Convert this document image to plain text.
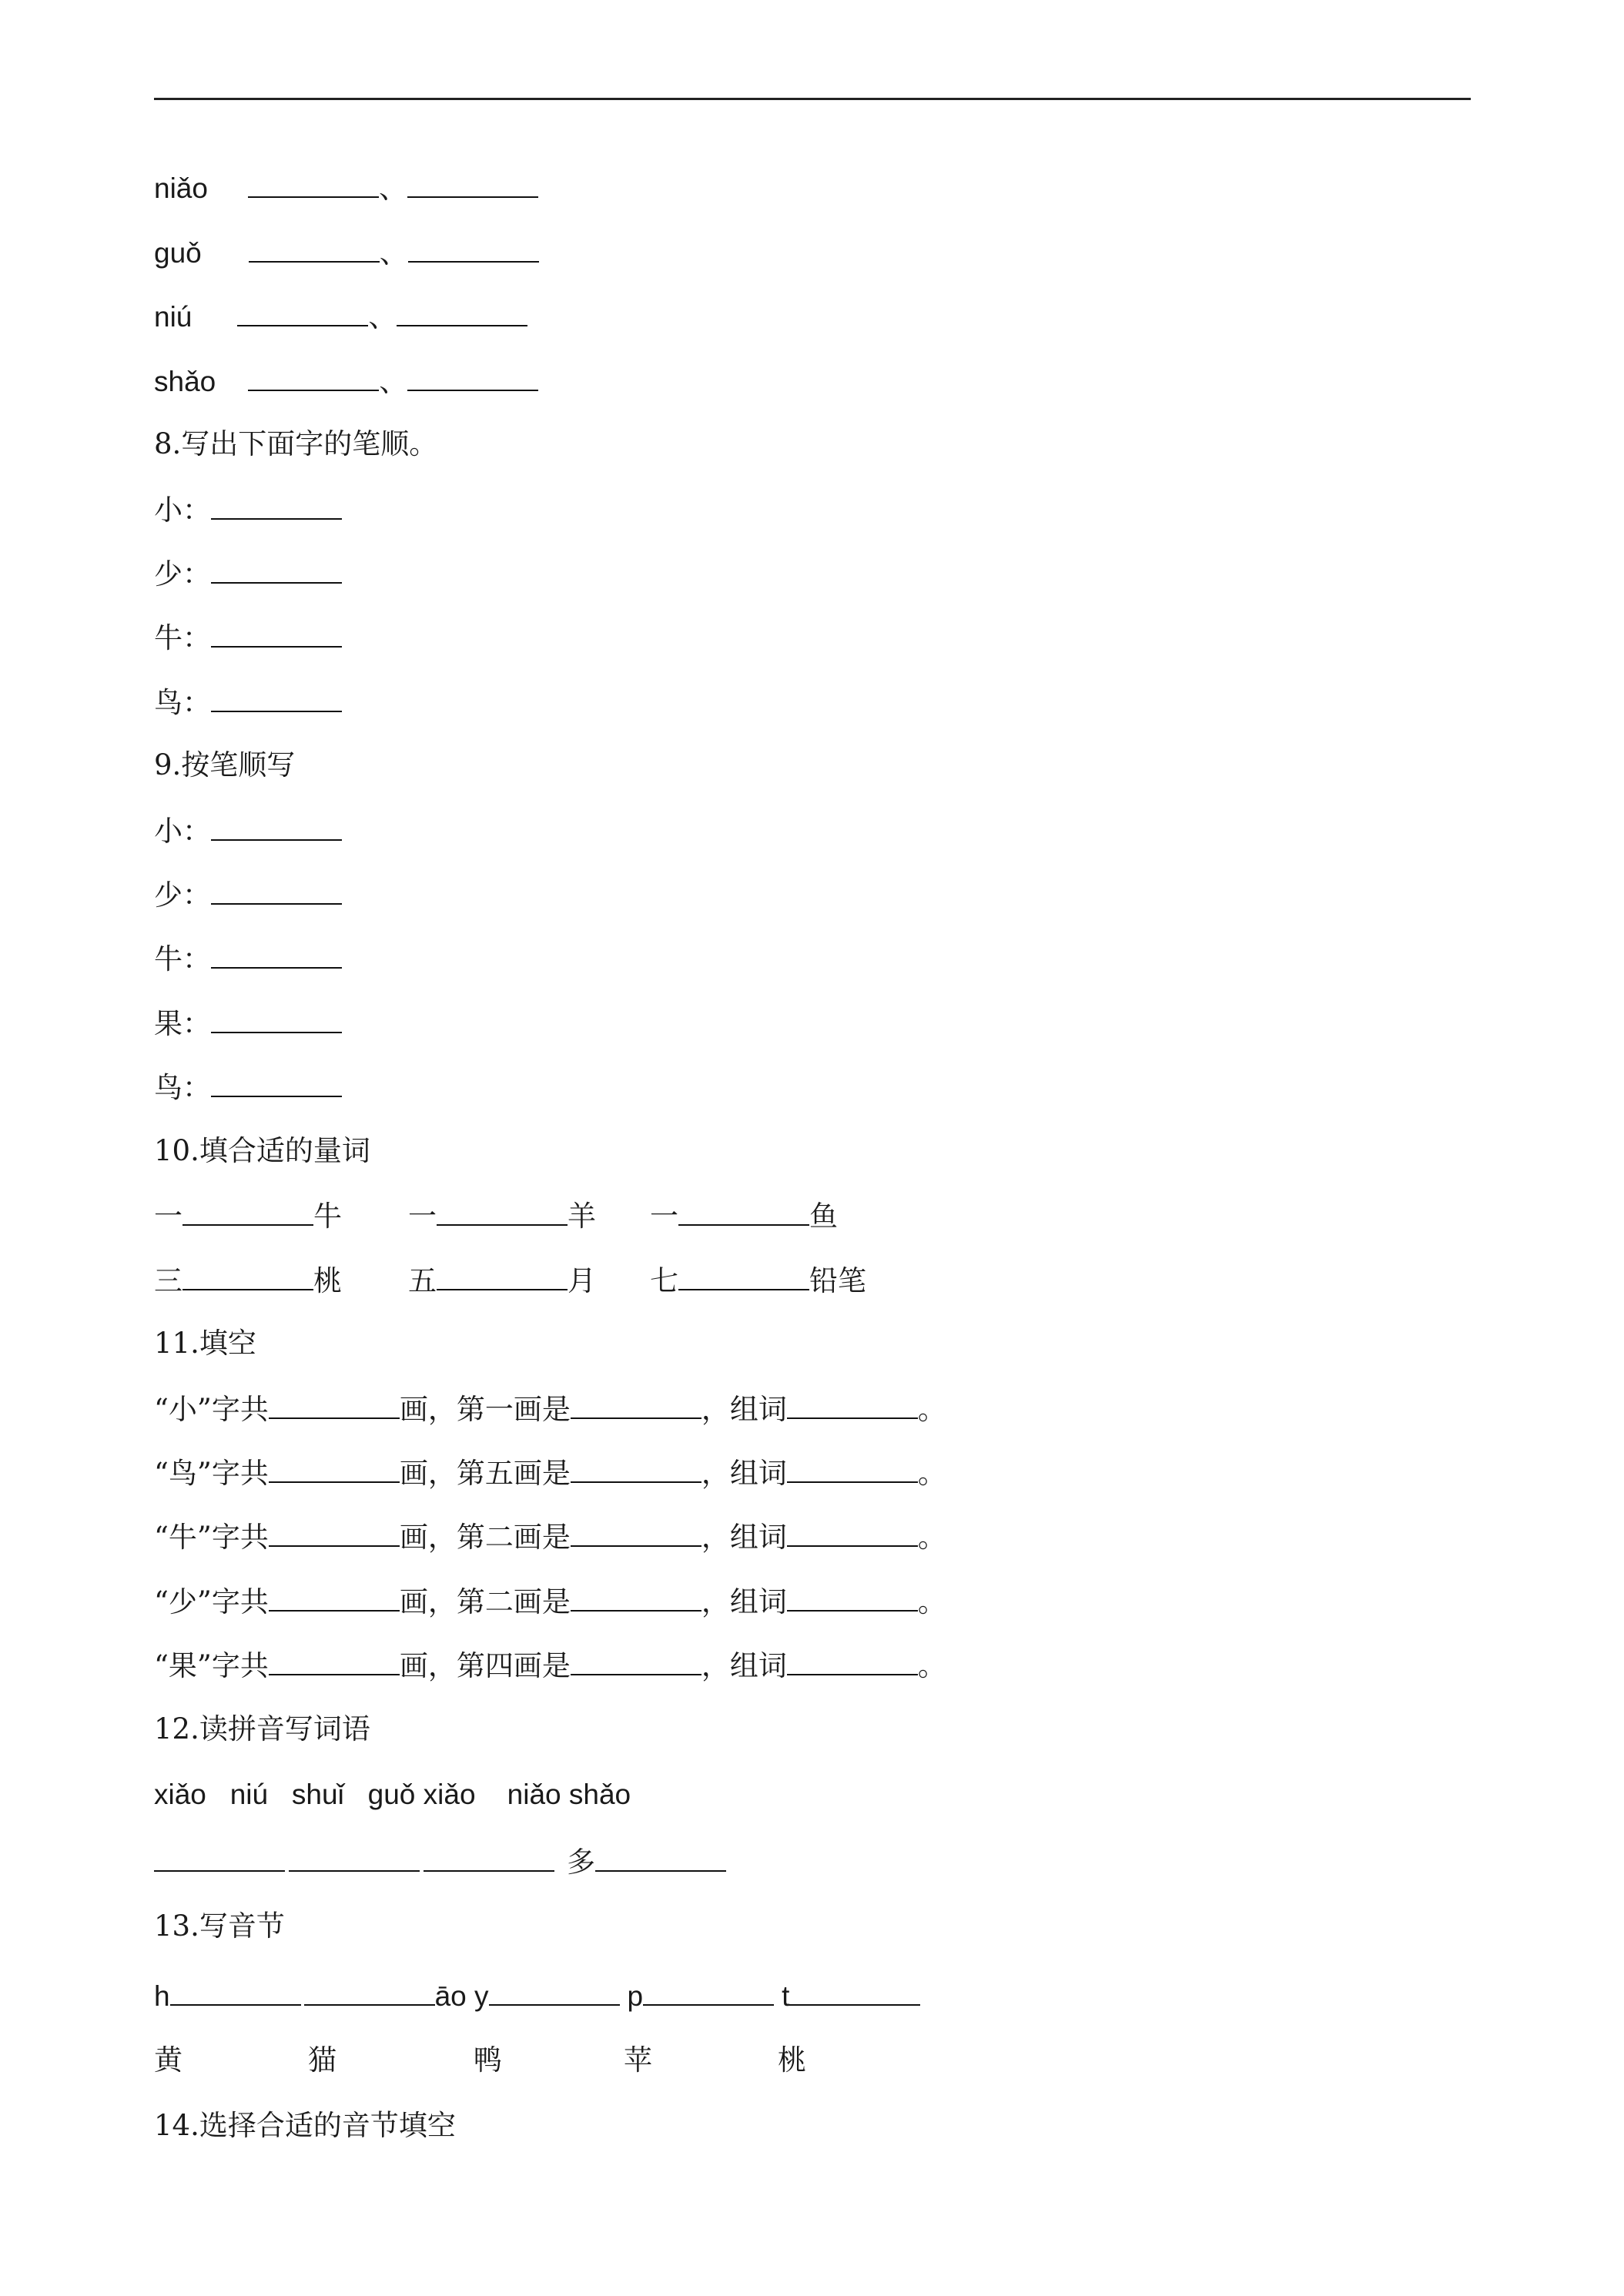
niǎo	、
guǒ	、
niú	、
shǎo	、
8.写出下面字的笔顺。
小：
少：
牛：
鸟：
9.按笔顺写
小：
少：
牛：
果：
鸟：
10.填合适的量词
一	牛 一	羊 一	鱼
三	桃 五	月 七	铅笔
11.填空
“小”字共	画，第一画是	，组词	。
“鸟”字共	画，第五画是	，组词	。
“牛”字共	画，第二画是	，组词	。
“少”字共	画，第二画是	，组词	。
“果”字共	画，第四画是	，组词	。
12.读拼音写词语
xiǎo   niú   shuǐ   guǒ xiǎo    niǎo shǎo
多
13.写音节
h	āo y	p	t
黄	猫	鸭	苹	桃
14.选择合适的音节填空
